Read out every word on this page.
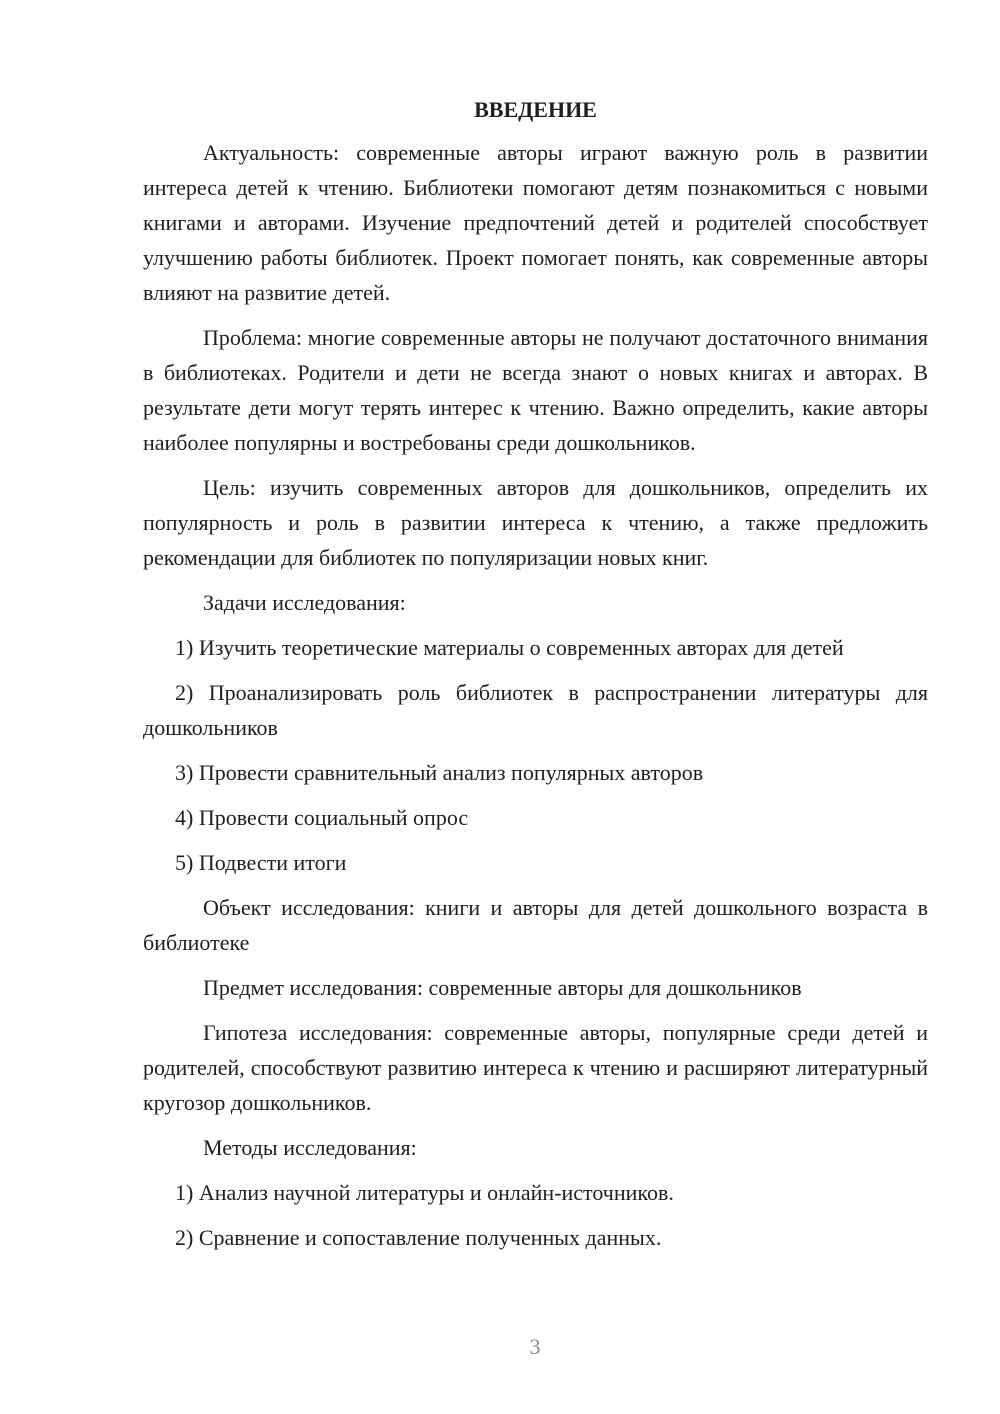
ВВЕДЕНИЕ

Актуальность: современные авторы играют важную роль в развитии интереса детей к чтению. Библиотеки помогают детям познакомиться с новыми книгами и авторами. Изучение предпочтений детей и родителей способствует улучшению работы библиотек. Проект помогает понять, как современные авторы влияют на развитие детей.

Проблема: многие современные авторы не получают достаточного внимания в библиотеках. Родители и дети не всегда знают о новых книгах и авторах. В результате дети могут терять интерес к чтению. Важно определить, какие авторы наиболее популярны и востребованы среди дошкольников.

Цель: изучить современных авторов для дошкольников, определить их популярность и роль в развитии интереса к чтению, а также предложить рекомендации для библиотек по популяризации новых книг.

Задачи исследования:

1) Изучить теоретические материалы о современных авторах для детей

2) Проанализировать роль библиотек в распространении литературы для дошкольников

3) Провести сравнительный анализ популярных авторов

4) Провести социальный опрос

5) Подвести итоги

Объект исследования: книги и авторы для детей дошкольного возраста в библиотеке

Предмет исследования: современные авторы для дошкольников

Гипотеза исследования: современные авторы, популярные среди детей и родителей, способствуют развитию интереса к чтению и расширяют литературный кругозор дошкольников.

Методы исследования:

1) Анализ научной литературы и онлайн-источников.

2) Сравнение и сопоставление полученных данных.

3
